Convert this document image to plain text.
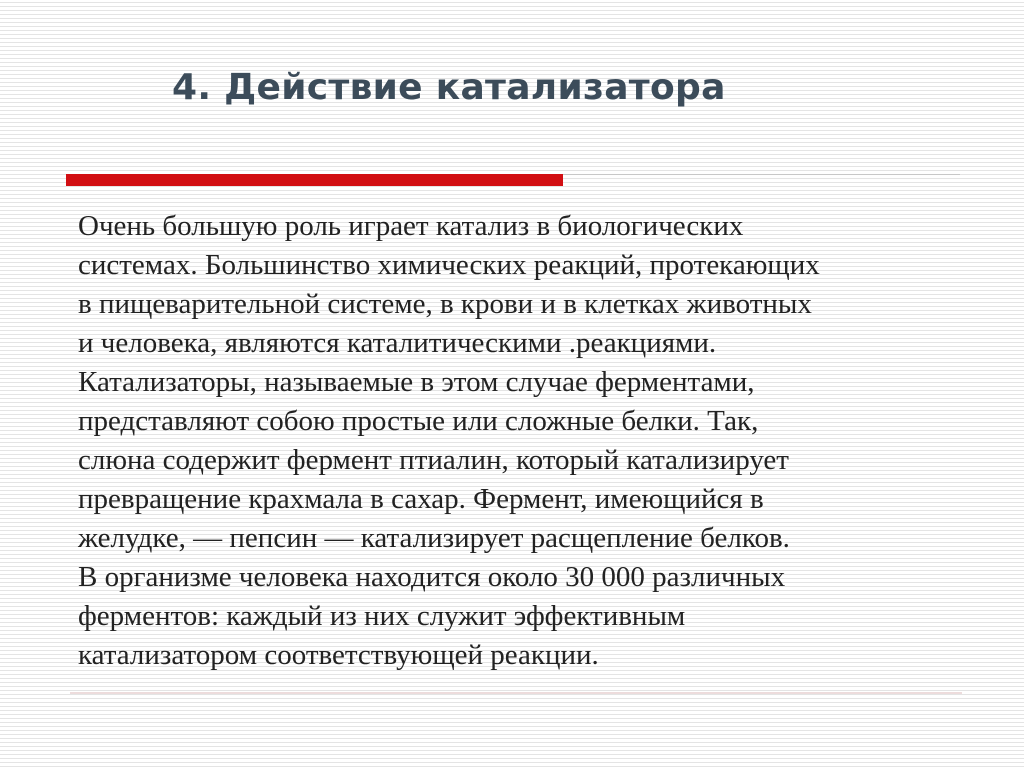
4. Действие катализатора

Очень большую роль играет катализ в биологических
системах. Большинство химических реакций, протекающих
в пищеварительной системе, в крови и в клетках животных
и человека, являются каталитическими .реакциями.
Катализаторы, называемые в этом случае ферментами,
представляют собою простые или сложные белки. Так,
слюна содержит фермент птиалин, который катализирует
превращение крахмала в сахар. Фермент, имеющийся в
желудке, — пепсин — катализирует расщепление белков.
В организме человека находится около 30 000 различных
ферментов: каждый из них служит эффективным
катализатором соответствующей реакции.
